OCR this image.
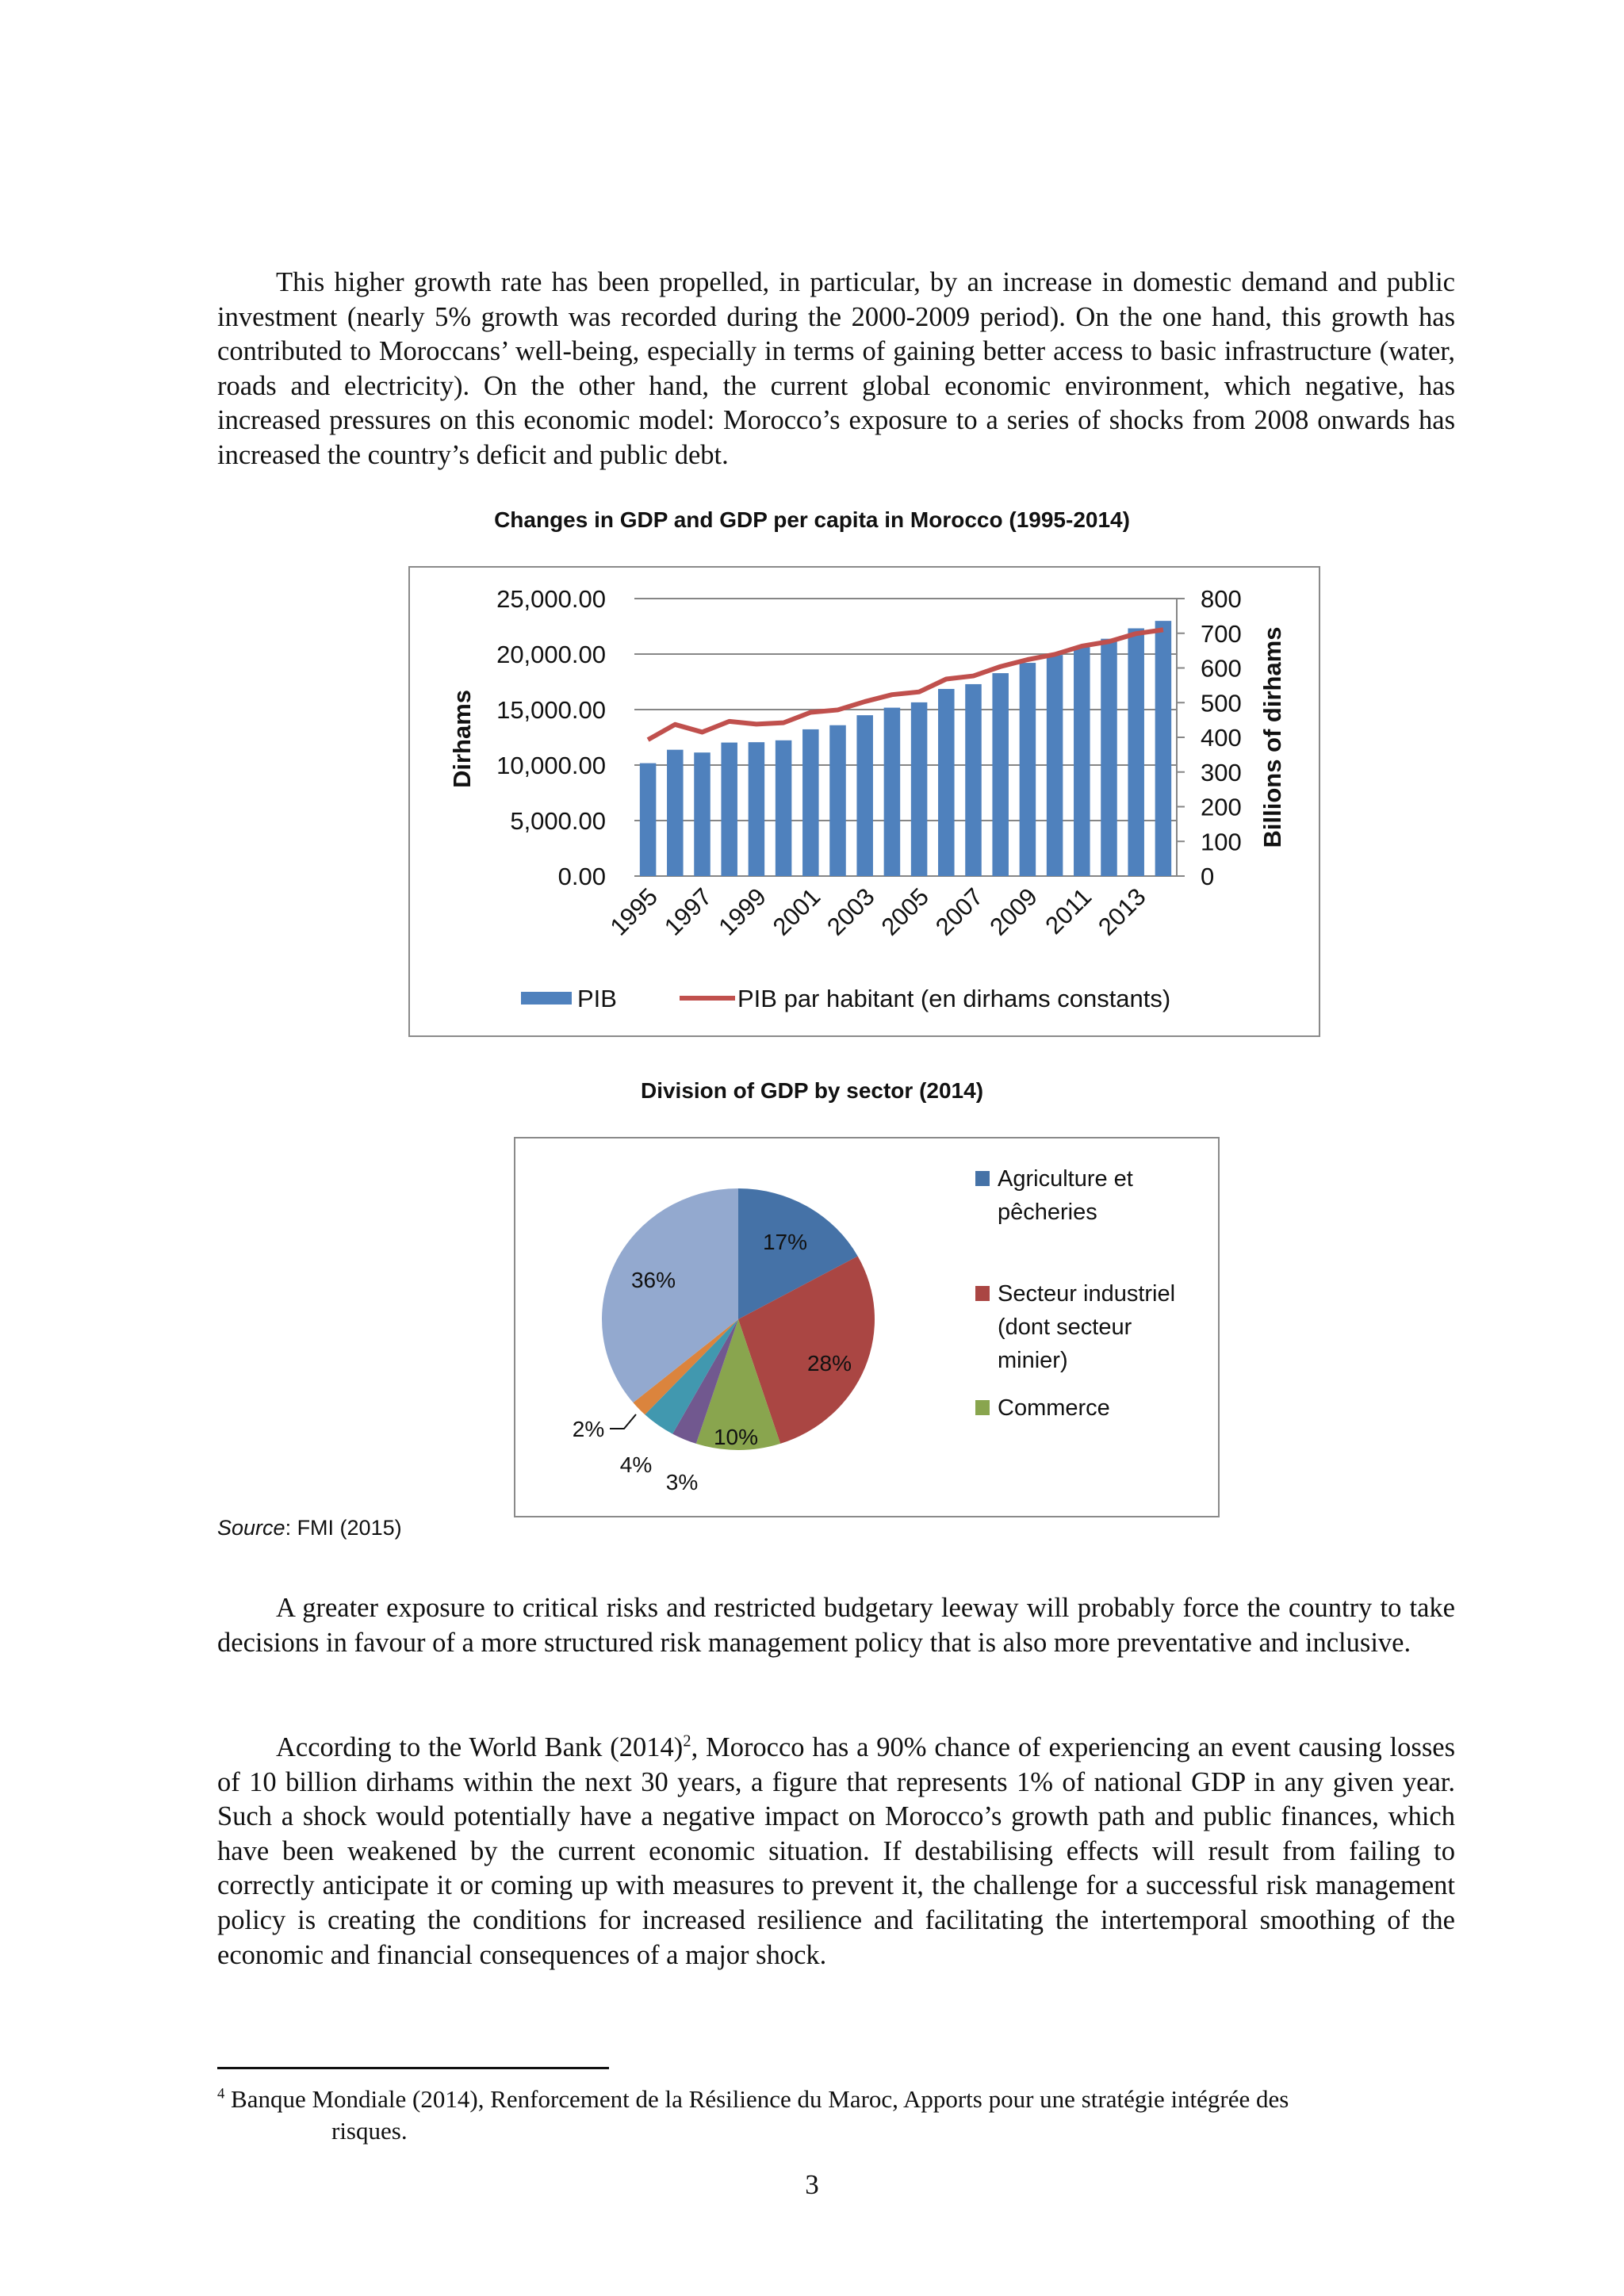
This higher growth rate has been propelled, in particular, by an increase in domestic demand and public investment (nearly 5% growth was recorded during the 2000-2009 period). On the one hand, this growth has contributed to Moroccans’ well-being, especially in terms of gaining better access to basic infrastructure (water, roads and electricity). On the other hand, the current global economic environment, which negative, has increased pressures on this economic model: Morocco’s exposure to a series of shocks from 2008 onwards has increased the country’s deficit and public debt.

Changes in GDP and GDP per capita in Morocco (1995-2014)
25,000.00
20,000.00
15,000.00
10,000.00
5,000.00
0.00
800
700
600
500
400
300
200
100
0
Dirhams	Billions of dirhams
1995
1997
1999
2001
2003
2005
2007
2009
2011
2013
PIB	PIB par habitant (en dirhams constants)
Division of GDP by sector (2014)
17%
28%
10%
3%
4%
2%
36%
Agriculture et
pêcheries
Secteur industriel
(dont secteur
minier)
Commerce
Source: FMI (2015)

A greater exposure to critical risks and restricted budgetary leeway will probably force the country to take decisions in favour of a more structured risk management policy that is also more preventative and inclusive.

According to the World Bank $(2014)^2$, Morocco has a 90% chance of experiencing an event causing losses of 10 billion dirhams within the next 30 years, a figure that represents 1% of national GDP in any given year. Such a shock would potentially have a negative impact on Morocco’s growth path and public finances, which have been weakened by the current economic situation. If destabilising effects will result from failing to correctly anticipate it or coming up with measures to prevent it, the challenge for a successful risk management policy is creating the conditions for increased resilience and facilitating the intertemporal smoothing of the economic and financial consequences of a major shock.

$^4$ Banque Mondiale (2014), Renforcement de la Résilience du Maroc, Apports pour une stratégie intégrée des
risques.
3
